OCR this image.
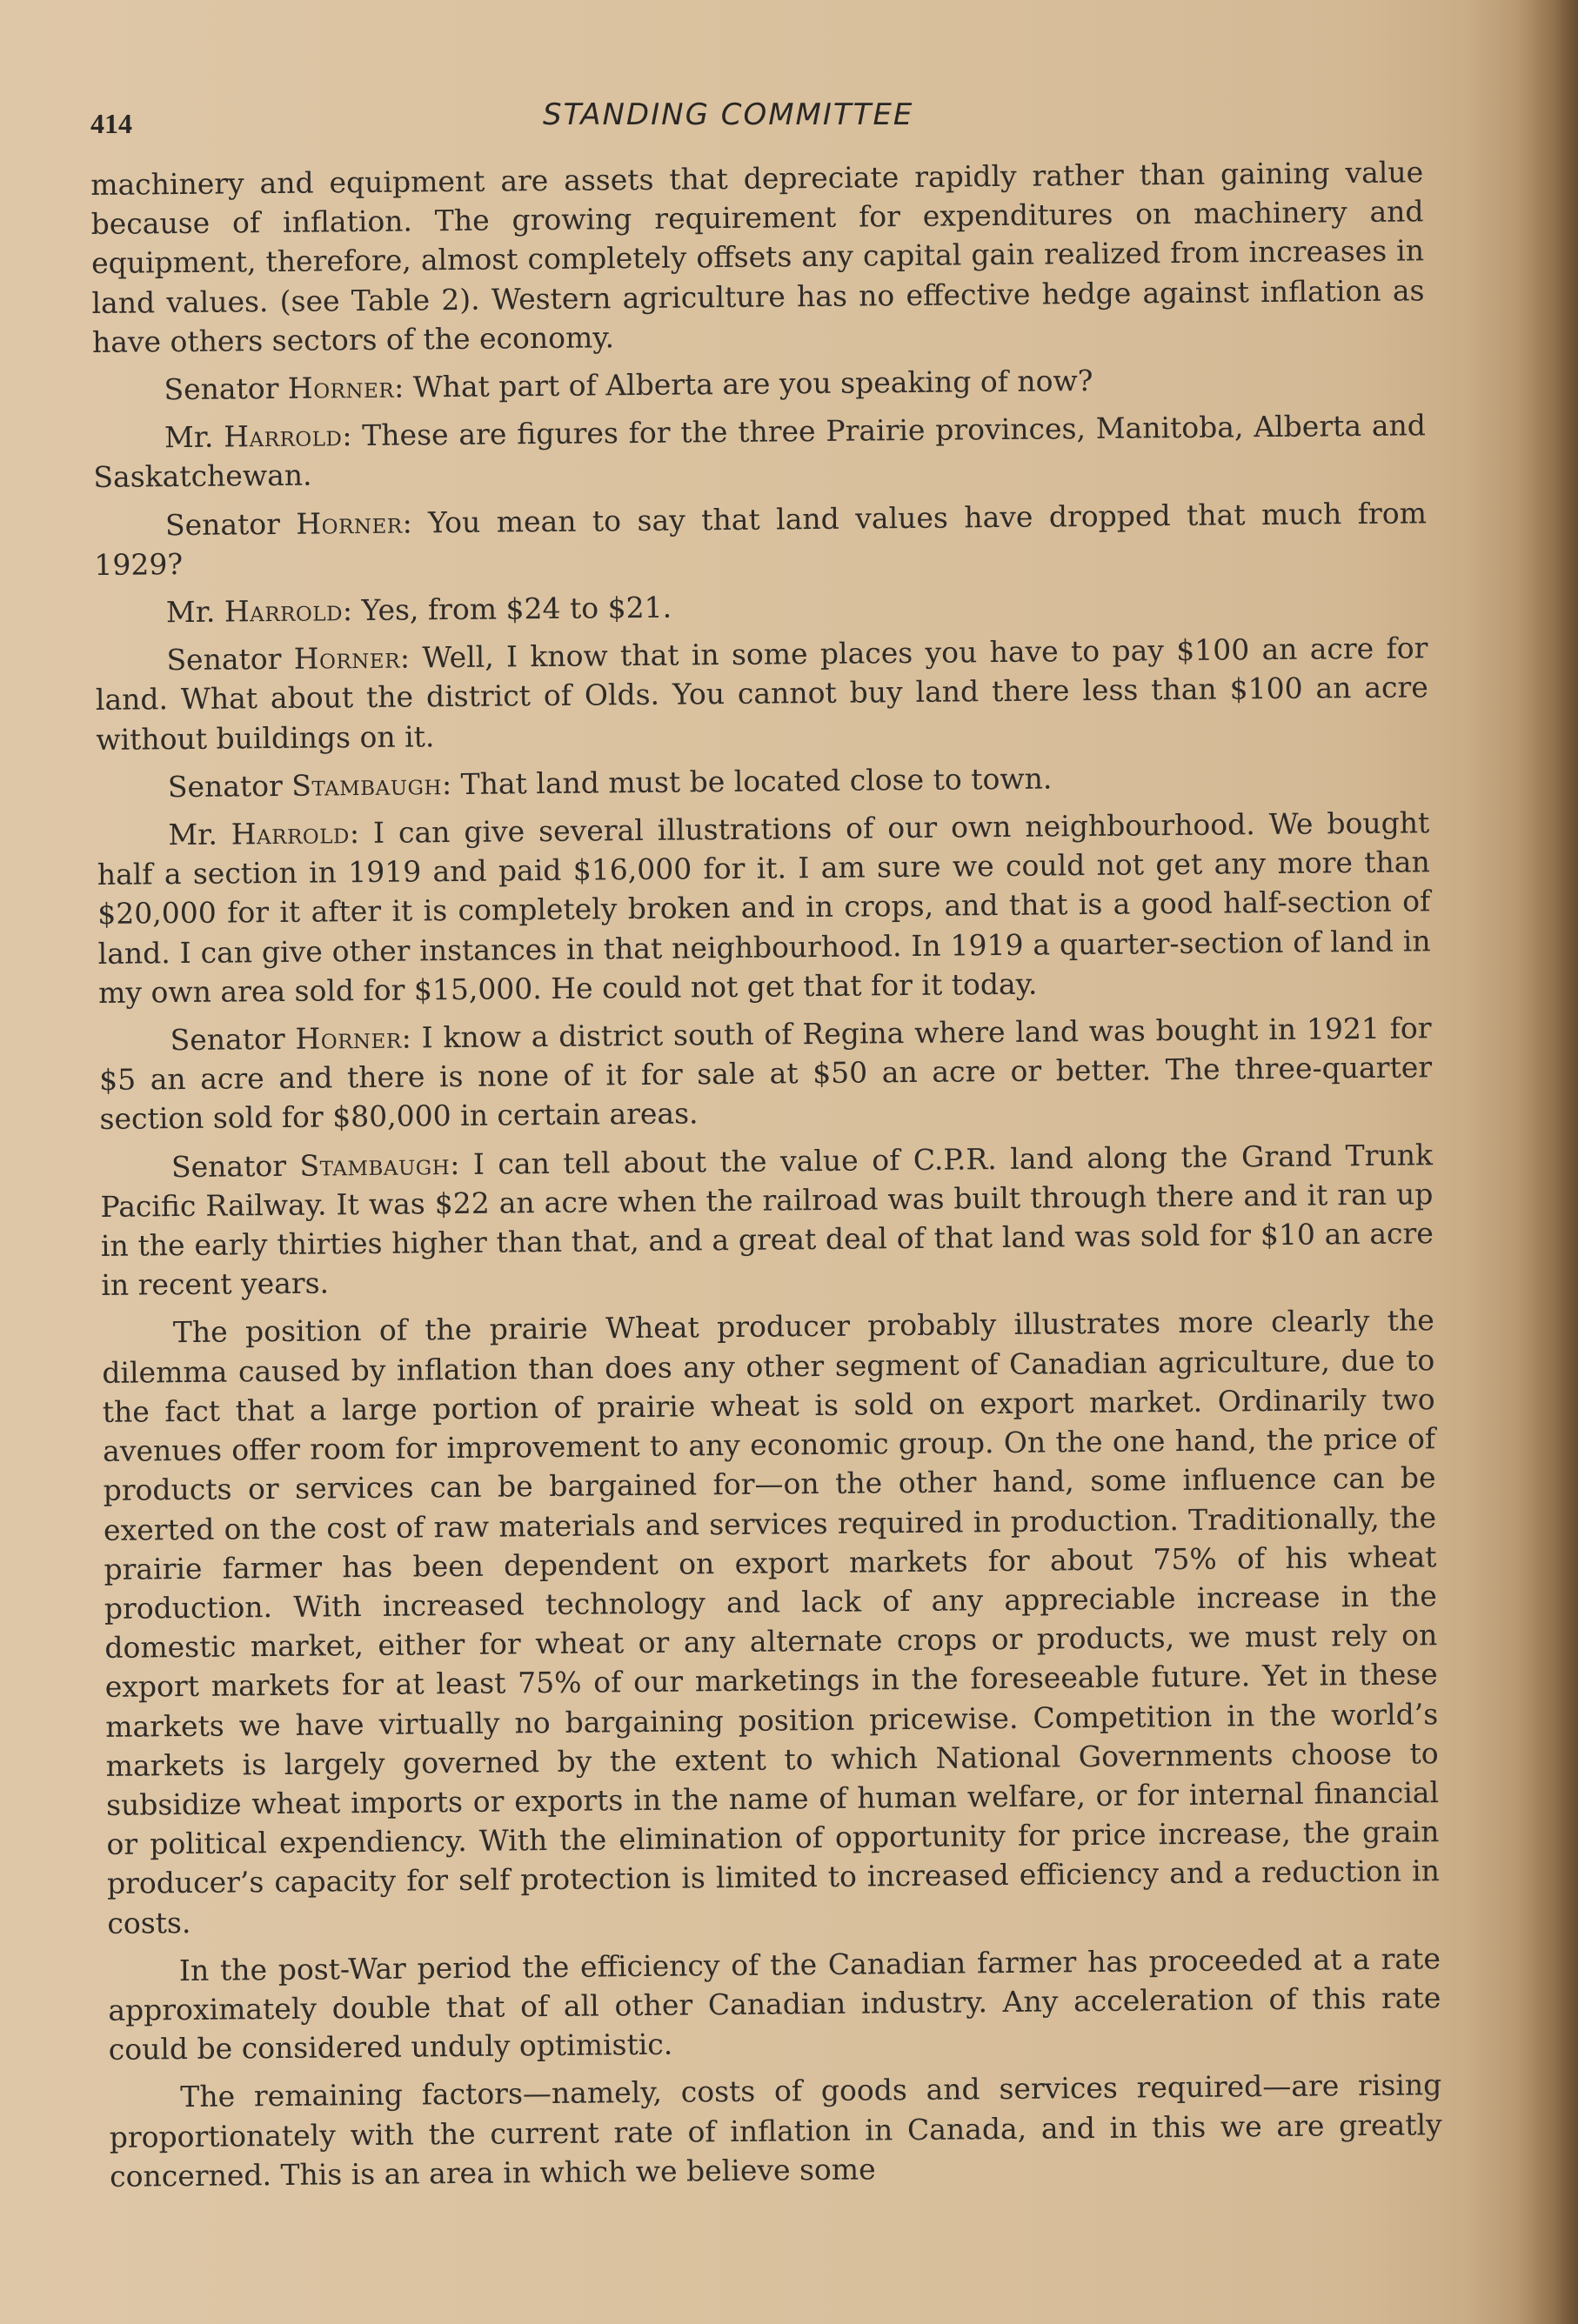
414	STANDING COMMITTEE

machinery and equipment are assets that depreciate rapidly rather than gaining value because of inflation. The growing requirement for expenditures on machinery and equipment, therefore, almost completely offsets any capital gain realized from increases in land values. (see Table 2). Western agriculture has no effective hedge against inflation as have others sectors of the economy.

Senator Horner: What part of Alberta are you speaking of now?

Mr. Harrold: These are figures for the three Prairie provinces, Manitoba, Alberta and Saskatchewan.

Senator Horner: You mean to say that land values have dropped that much from 1929?

Mr. Harrold: Yes, from $24 to $21.

Senator Horner: Well, I know that in some places you have to pay $100 an acre for land. What about the district of Olds. You cannot buy land there less than $100 an acre without buildings on it.

Senator Stambaugh: That land must be located close to town.

Mr. Harrold: I can give several illustrations of our own neighbourhood. We bought half a section in 1919 and paid $16,000 for it. I am sure we could not get any more than $20,000 for it after it is completely broken and in crops, and that is a good half-section of land. I can give other instances in that neighbourhood. In 1919 a quarter-section of land in my own area sold for $15,000. He could not get that for it today.

Senator Horner: I know a district south of Regina where land was bought in 1921 for $5 an acre and there is none of it for sale at $50 an acre or better. The three-quarter section sold for $80,000 in certain areas.

Senator Stambaugh: I can tell about the value of C.P.R. land along the Grand Trunk Pacific Railway. It was $22 an acre when the railroad was built through there and it ran up in the early thirties higher than that, and a great deal of that land was sold for $10 an acre in recent years.

The position of the prairie Wheat producer probably illustrates more clearly the dilemma caused by inflation than does any other segment of Canadian agriculture, due to the fact that a large portion of prairie wheat is sold on export market. Ordinarily two avenues offer room for improvement to any economic group. On the one hand, the price of products or services can be bargained for—on the other hand, some influence can be exerted on the cost of raw materials and services required in production. Traditionally, the prairie farmer has been dependent on export markets for about 75% of his wheat production. With increased technology and lack of any appreciable increase in the domestic market, either for wheat or any alternate crops or products, we must rely on export markets for at least 75% of our marketings in the foreseeable future. Yet in these markets we have virtually no bargaining position pricewise. Competition in the world’s markets is largely governed by the extent to which National Governments choose to subsidize wheat imports or exports in the name of human welfare, or for internal financial or political expendiency. With the elimination of opportunity for price increase, the grain producer’s capacity for self protection is limited to increased efficiency and a reduction in costs.

In the post-War period the efficiency of the Canadian farmer has proceeded at a rate approximately double that of all other Canadian industry. Any acceleration of this rate could be considered unduly optimistic.

The remaining factors—namely, costs of goods and services required—are rising proportionately with the current rate of inflation in Canada, and in this we are greatly concerned. This is an area in which we believe some
